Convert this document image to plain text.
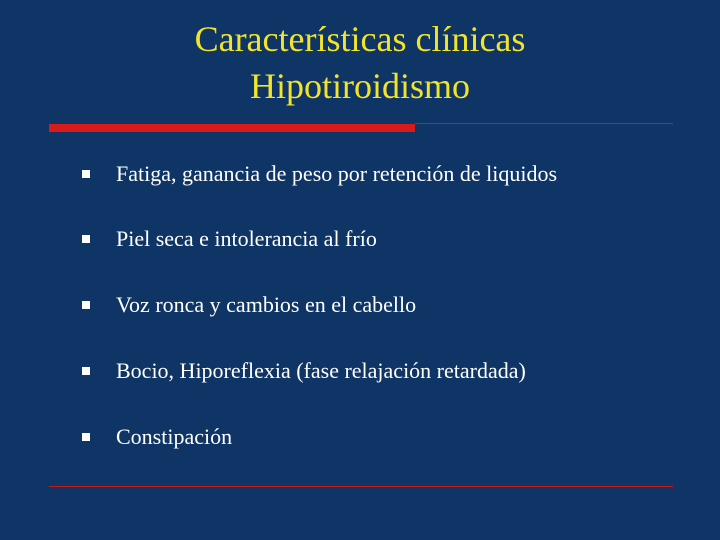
Características clínicas
Hipotiroidismo
Fatiga, ganancia de peso por retención de liquidos
Piel seca e intolerancia al frío
Voz ronca y cambios en el cabello
Bocio, Hiporeflexia (fase relajación retardada)
Constipación
